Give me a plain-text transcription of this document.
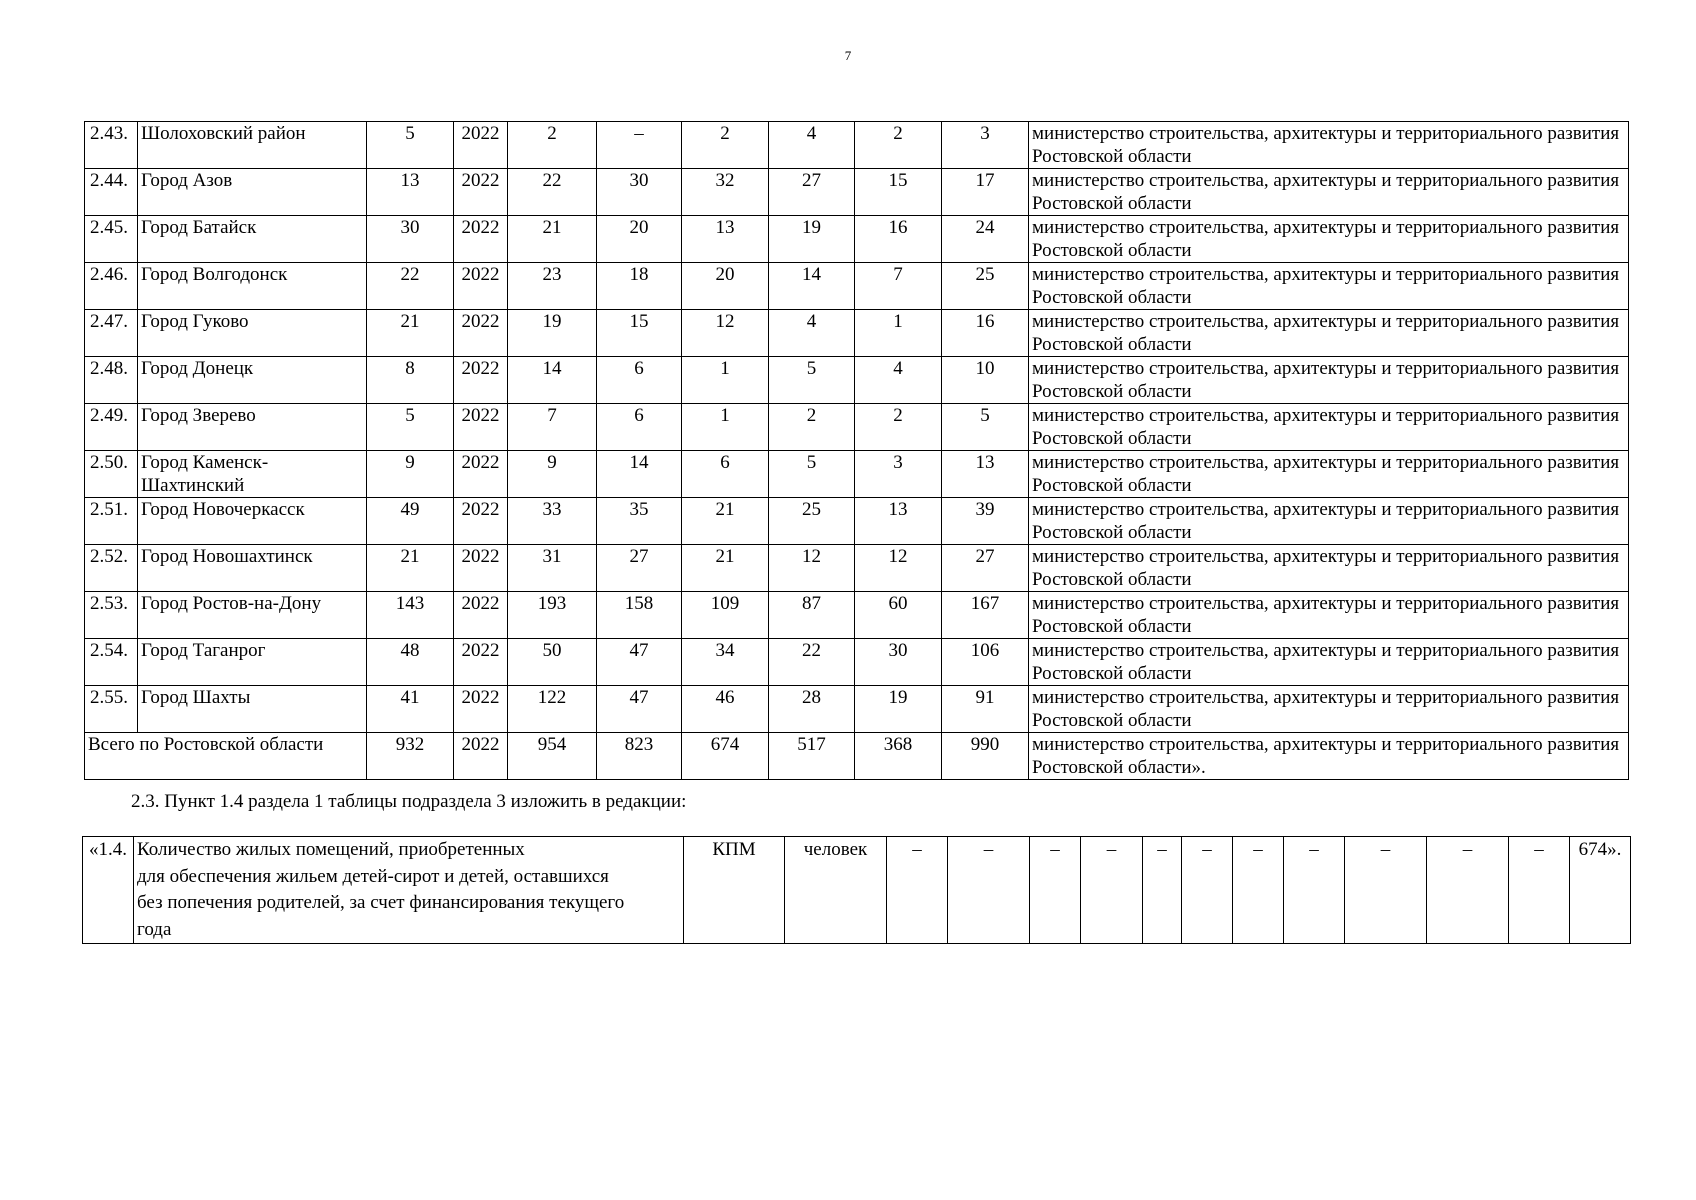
7
2.43.	Шолоховский район	5	2022	2	–	2	4	2	3	министерство строительства, архитектуры и территориального развития Ростовской области
2.44.	Город Азов	13	2022	22	30	32	27	15	17	министерство строительства, архитектуры и территориального развития Ростовской области
2.45.	Город Батайск	30	2022	21	20	13	19	16	24	министерство строительства, архитектуры и территориального развития Ростовской области
2.46.	Город Волгодонск	22	2022	23	18	20	14	7	25	министерство строительства, архитектуры и территориального развития Ростовской области
2.47.	Город Гуково	21	2022	19	15	12	4	1	16	министерство строительства, архитектуры и территориального развития Ростовской области
2.48.	Город Донецк	8	2022	14	6	1	5	4	10	министерство строительства, архитектуры и территориального развития Ростовской области
2.49.	Город Зверево	5	2022	7	6	1	2	2	5	министерство строительства, архитектуры и территориального развития Ростовской области
2.50.	Город Каменск-Шахтинский	9	2022	9	14	6	5	3	13	министерство строительства, архитектуры и территориального развития Ростовской области
2.51.	Город Новочеркасск	49	2022	33	35	21	25	13	39	министерство строительства, архитектуры и территориального развития Ростовской области
2.52.	Город Новошахтинск	21	2022	31	27	21	12	12	27	министерство строительства, архитектуры и территориального развития Ростовской области
2.53.	Город Ростов-на-Дону	143	2022	193	158	109	87	60	167	министерство строительства, архитектуры и территориального развития Ростовской области
2.54.	Город Таганрог	48	2022	50	47	34	22	30	106	министерство строительства, архитектуры и территориального развития Ростовской области
2.55.	Город Шахты	41	2022	122	47	46	28	19	91	министерство строительства, архитектуры и территориального развития Ростовской области
Всего по Ростовской области		932	2022	954	823	674	517	368	990	министерство строительства, архитектуры и территориального развития Ростовской области».
2.3. Пункт 1.4 раздела 1 таблицы подраздела 3 изложить в редакции:
«1.4.	Количество жилых помещений, приобретенных
для обеспечения жильем детей-сирот и детей, оставшихся
без попечения родителей, за счет финансирования текущего
года
	КПМ	человек	–	–	–	–	–	–	–	–	–	–	–	674».
